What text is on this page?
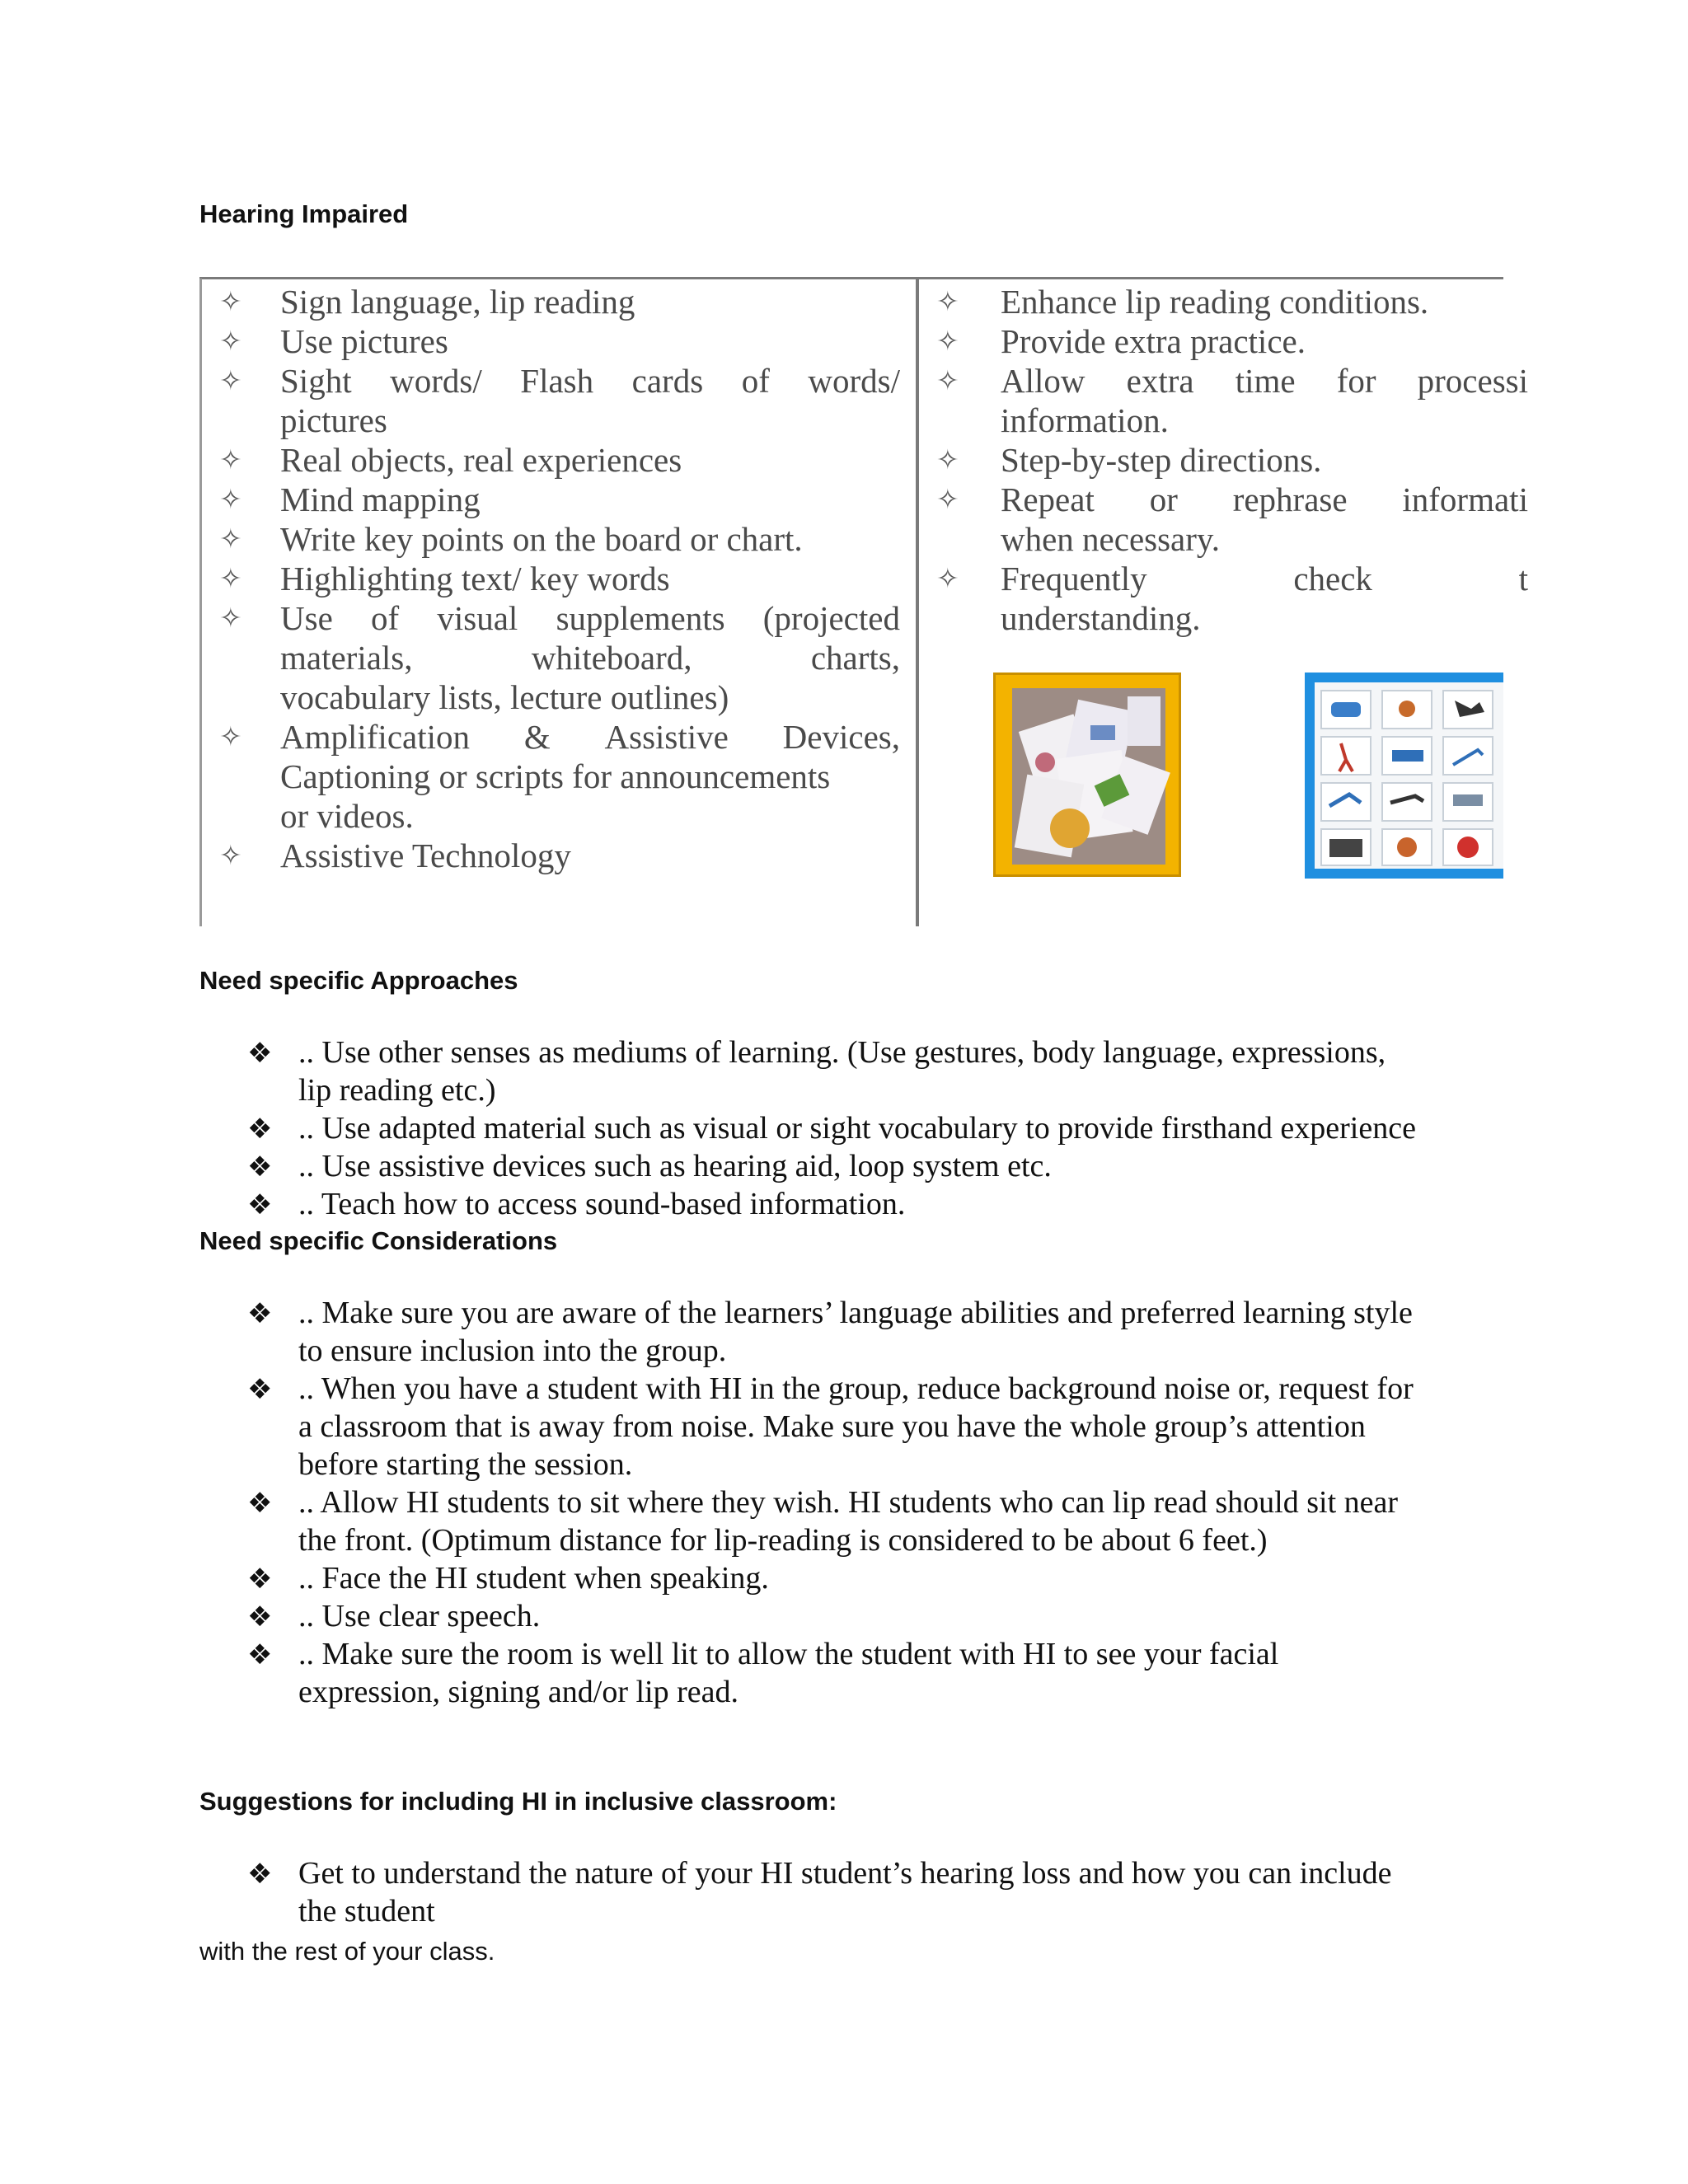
Hearing Impaired
✧ Sign language, lip reading
✧ Use pictures
✧ Sight words/ Flash cards of words/
pictures
✧ Real objects, real experiences
✧ Mind mapping
✧ Write key points on the board or chart.
✧ Highlighting text/ key words
✧ Use of visual supplements (projected
materials,	whiteboard,	charts,
vocabulary lists, lecture outlines)
✧ Amplification & Assistive Devices,
Captioning or scripts for announcements
or videos.
✧ Assistive Technology
✧ Enhance lip reading conditions.
✧ Provide extra practice.
✧ Allow extra time for processi
information.
✧ Step-by-step directions.
✧ Repeat or rephrase informati
when necessary.
✧ Frequently	check	t
understanding.
Need specific Approaches
❖ .. Use other senses as mediums of learning. (Use gestures, body language, expressions,
lip reading etc.)
❖ .. Use adapted material such as visual or sight vocabulary to provide firsthand experience
❖ .. Use assistive devices such as hearing aid, loop system etc.
❖ .. Teach how to access sound-based information.
Need specific Considerations
❖ .. Make sure you are aware of the learners’ language abilities and preferred learning style
to ensure inclusion into the group.
❖ .. When you have a student with HI in the group, reduce background noise or, request for
a classroom that is away from noise. Make sure you have the whole group’s attention
before starting the session.
❖ .. Allow HI students to sit where they wish. HI students who can lip read should sit near
the front. (Optimum distance for lip-reading is considered to be about 6 feet.)
❖ .. Face the HI student when speaking.
❖ .. Use clear speech.
❖ .. Make sure the room is well lit to allow the student with HI to see your facial
expression, signing and/or lip read.
Suggestions for including HI in inclusive classroom:
❖ Get to understand the nature of your HI student’s hearing loss and how you can include
the student
with the rest of your class.
